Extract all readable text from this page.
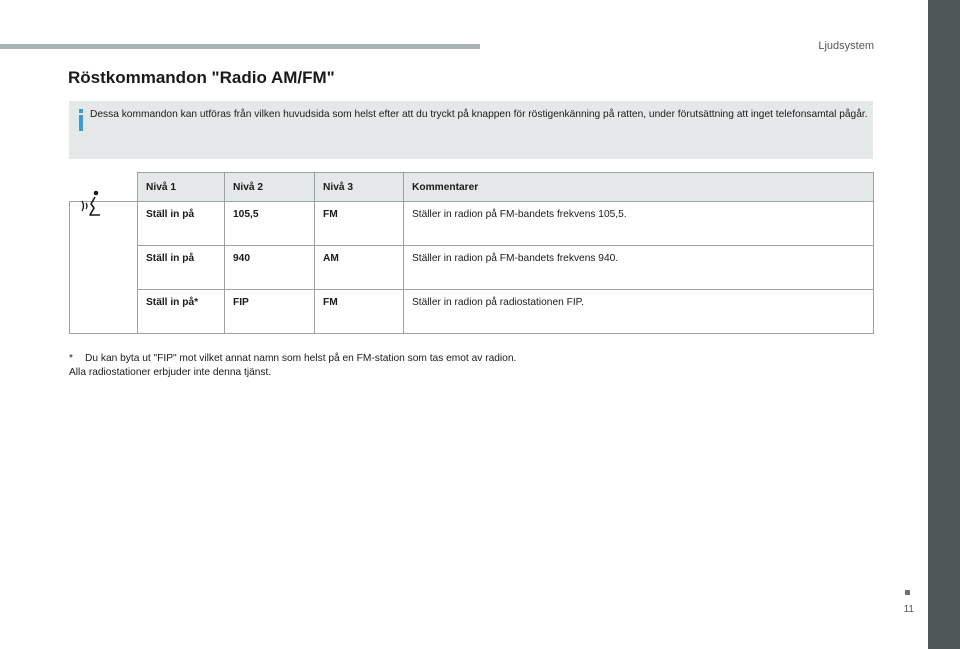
Ljudsystem
Röstkommandon "Radio AM/FM"
Dessa kommandon kan utföras från vilken huvudsida som helst efter att du tryckt på knappen för röstigenkänning på ratten, under förutsättning att inget telefonsamtal pågår.
	Nivå 1	Nivå 2	Nivå 3	Kommentarer
	Ställ in på	105,5	FM	Ställer in radion på FM-bandets frekvens 105,5.
	Ställ in på	940	AM	Ställer in radion på FM-bandets frekvens 940.
	Ställ in på*	FIP	FM	Ställer in radion på radiostationen FIP.
* Du kan byta ut "FIP" mot vilket annat namn som helst på en FM-station som tas emot av radion.
Alla radiostationer erbjuder inte denna tjänst.
11
